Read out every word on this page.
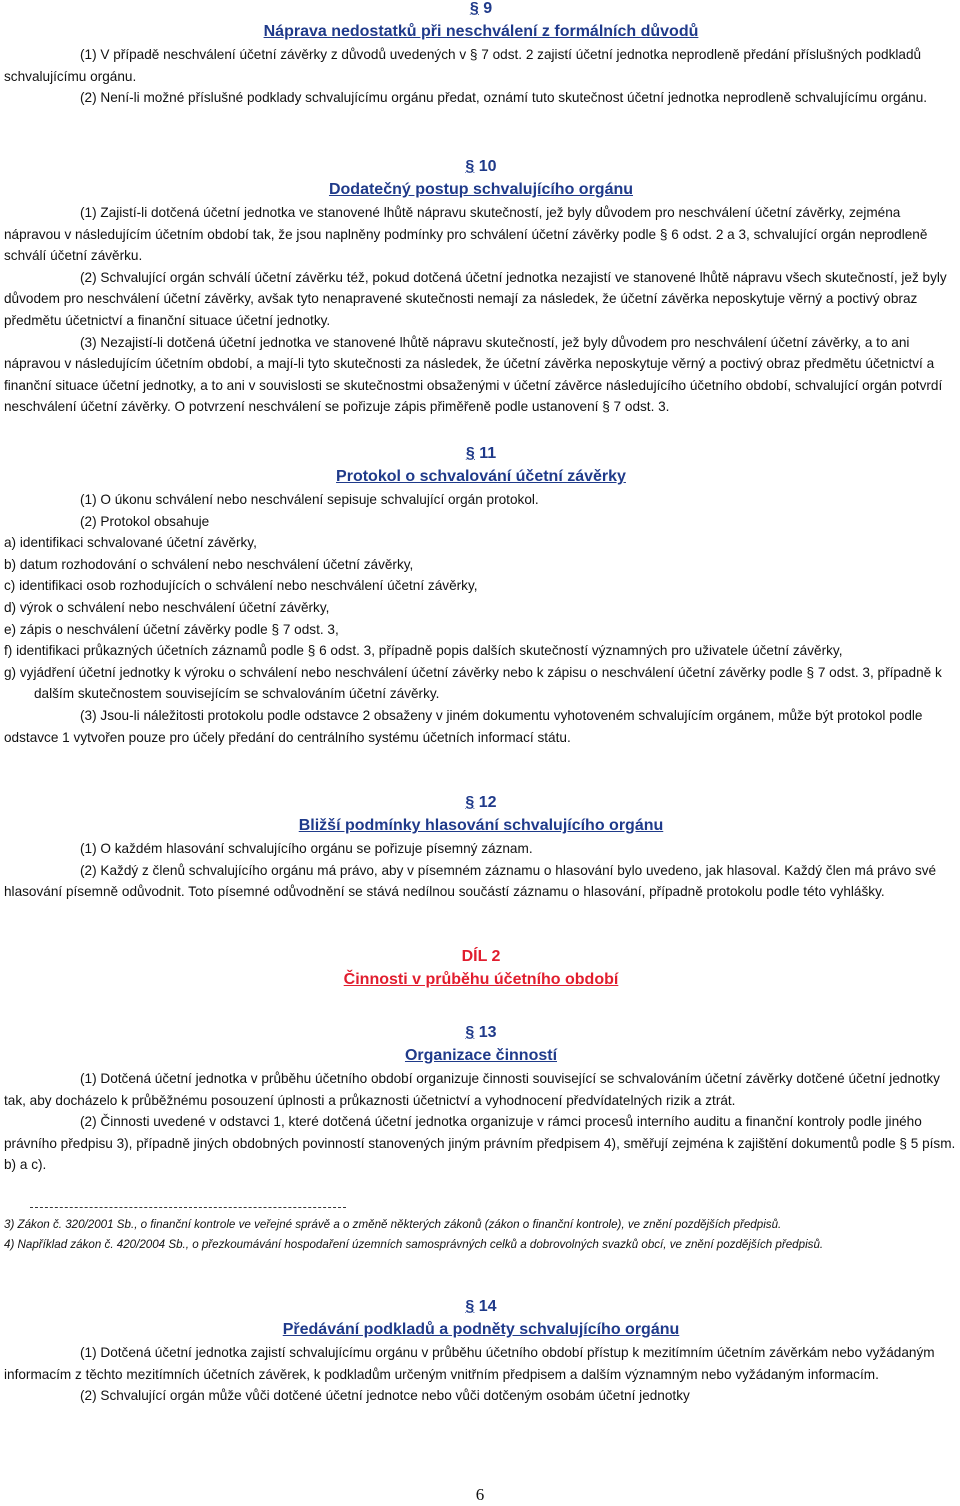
§ 9

Náprava nedostatků při neschválení z formálních důvodů

(1) V případě neschválení účetní závěrky z důvodů uvedených v § 7 odst. 2 zajistí účetní jednotka neprodleně předání příslušných podkladů schvalujícímu orgánu.

(2) Není-li možné příslušné podklady schvalujícímu orgánu předat, oznámí tuto skutečnost účetní jednotka neprodleně schvalujícímu orgánu.

§ 10

Dodatečný postup schvalujícího orgánu

(1) Zajistí-li dotčená účetní jednotka ve stanovené lhůtě nápravu skutečností, jež byly důvodem pro neschválení účetní závěrky, zejména nápravou v následujícím účetním období tak, že jsou naplněny podmínky pro schválení účetní závěrky podle § 6 odst. 2 a 3, schvalující orgán neprodleně schválí účetní závěrku.

(2) Schvalující orgán schválí účetní závěrku též, pokud dotčená účetní jednotka nezajistí ve stanovené lhůtě nápravu všech skutečností, jež byly důvodem pro neschválení účetní závěrky, avšak tyto nenapravené skutečnosti nemají za následek, že účetní závěrka neposkytuje věrný a poctivý obraz předmětu účetnictví a finanční situace účetní jednotky.

(3) Nezajistí-li dotčená účetní jednotka ve stanovené lhůtě nápravu skutečností, jež byly důvodem pro neschválení účetní závěrky, a to ani nápravou v následujícím účetním období, a mají-li tyto skutečnosti za následek, že účetní závěrka neposkytuje věrný a poctivý obraz předmětu účetnictví a finanční situace účetní jednotky, a to ani v souvislosti se skutečnostmi obsaženými v účetní závěrce následujícího účetního období, schvalující orgán potvrdí neschválení účetní závěrky. O potvrzení neschválení se pořizuje zápis přiměřeně podle ustanovení § 7 odst. 3.

§ 11

Protokol o schvalování účetní závěrky

(1) O úkonu schválení nebo neschválení sepisuje schvalující orgán protokol.

(2) Protokol obsahuje

a) identifikaci schvalované účetní závěrky,

b) datum rozhodování o schválení nebo neschválení účetní závěrky,

c) identifikaci osob rozhodujících o schválení nebo neschválení účetní závěrky,

d) výrok o schválení nebo neschválení účetní závěrky,

e) zápis o neschválení účetní závěrky podle § 7 odst. 3,

f) identifikaci průkazných účetních záznamů podle § 6 odst. 3, případně popis dalších skutečností významných pro uživatele účetní závěrky,

g) vyjádření účetní jednotky k výroku o schválení nebo neschválení účetní závěrky nebo k zápisu o neschválení účetní závěrky podle § 7 odst. 3, případně k dalším skutečnostem souvisejícím se schvalováním účetní závěrky.

(3) Jsou-li náležitosti protokolu podle odstavce 2 obsaženy v jiném dokumentu vyhotoveném schvalujícím orgánem, může být protokol podle odstavce 1 vytvořen pouze pro účely předání do centrálního systému účetních informací státu.

§ 12

Bližší podmínky hlasování schvalujícího orgánu

(1) O každém hlasování schvalujícího orgánu se pořizuje písemný záznam.

(2) Každý z členů schvalujícího orgánu má právo, aby v písemném záznamu o hlasování bylo uvedeno, jak hlasoval. Každý člen má právo své hlasování písemně odůvodnit. Toto písemné odůvodnění se stává nedílnou součástí záznamu o hlasování, případně protokolu podle této vyhlášky.

DÍL 2

Činnosti v průběhu účetního období

§ 13

Organizace činností

(1) Dotčená účetní jednotka v průběhu účetního období organizuje činnosti související se schvalováním účetní závěrky dotčené účetní jednotky tak, aby docházelo k průběžnému posouzení úplnosti a průkaznosti účetnictví a vyhodnocení předvídatelných rizik a ztrát.

(2) Činnosti uvedené v odstavci 1, které dotčená účetní jednotka organizuje v rámci procesů interního auditu a finanční kontroly podle jiného právního předpisu 3), případně jiných obdobných povinností stanovených jiným právním předpisem 4), směřují zejména k zajištění dokumentů podle § 5 písm. b) a c).

3) Zákon č. 320/2001 Sb., o finanční kontrole ve veřejné správě a o změně některých zákonů (zákon o finanční kontrole), ve znění pozdějších předpisů.

4) Například zákon č. 420/2004 Sb., o přezkoumávání hospodaření územních samosprávných celků a dobrovolných svazků obcí, ve znění pozdějších předpisů.

§ 14

Předávání podkladů a podněty schvalujícího orgánu

(1) Dotčená účetní jednotka zajistí schvalujícímu orgánu v průběhu účetního období přístup k mezitímním účetním závěrkám nebo vyžádaným informacím z těchto mezitímních účetních závěrek, k podkladům určeným vnitřním předpisem a dalším významným nebo vyžádaným informacím.

(2) Schvalující orgán může vůči dotčené účetní jednotce nebo vůči dotčeným osobám účetní jednotky

6
